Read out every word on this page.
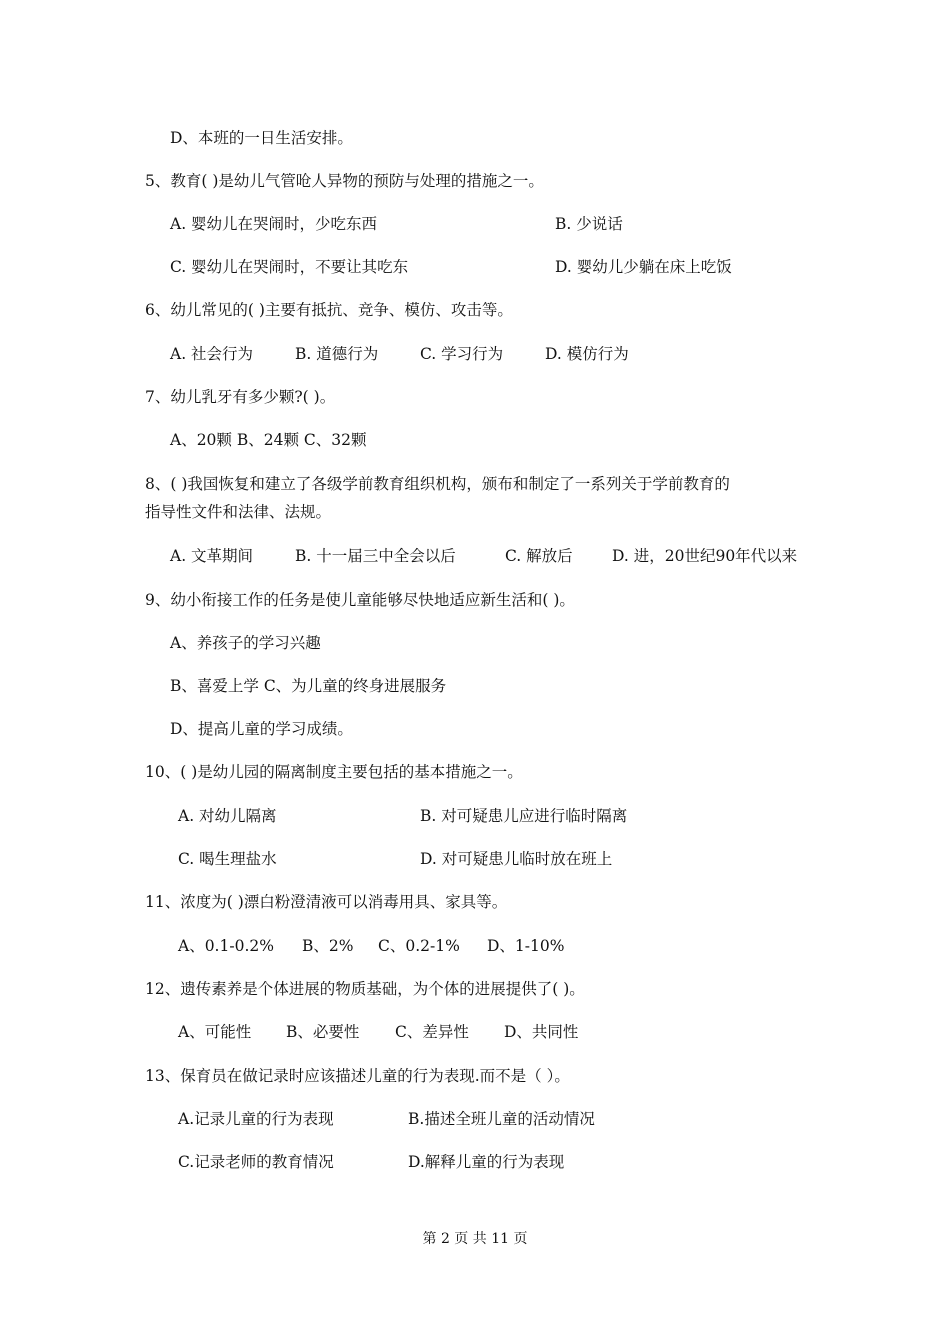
D、本班的一日生活安排。
5、教育( )是幼儿气管呛人异物的预防与处理的措施之一。
A. 婴幼儿在哭闹时，少吃东西	B. 少说话
C. 婴幼儿在哭闹时，不要让其吃东	D. 婴幼儿少躺在床上吃饭
6、幼儿常见的( )主要有抵抗、竞争、模仿、攻击等。
A. 社会行为	B. 道德行为	C. 学习行为	D. 模仿行为
7、幼儿乳牙有多少颗?( )。
A、20颗 B、24颗 C、32颗
8、( )我国恢复和建立了各级学前教育组织机构，颁布和制定了一系列关于学前教育的
指导性文件和法律、法规。
A. 文革期间	B. 十一届三中全会以后	C. 解放后	D. 进，20世纪90年代以来
9、幼小衔接工作的任务是使儿童能够尽快地适应新生活和( )。
A、养孩子的学习兴趣
B、喜爱上学 C、为儿童的终身进展服务
D、提高儿童的学习成绩。
10、( )是幼儿园的隔离制度主要包括的基本措施之一。
A. 对幼儿隔离	B. 对可疑患儿应进行临时隔离
C. 喝生理盐水	D. 对可疑患儿临时放在班上
11、浓度为( )漂白粉澄清液可以消毒用具、家具等。
A、0.1-0.2% B、2% C、0.2-1% D、1-10%
12、遗传素养是个体进展的物质基础，为个体的进展提供了( )。
A、可能性 B、必要性 C、差异性 D、共同性
13、保育员在做记录时应该描述儿童的行为表现.而不是（ ）。
A.记录儿童的行为表现	B.描述全班儿童的活动情况
C.记录老师的教育情况	D.解释儿童的行为表现
第 2 页 共 11 页
